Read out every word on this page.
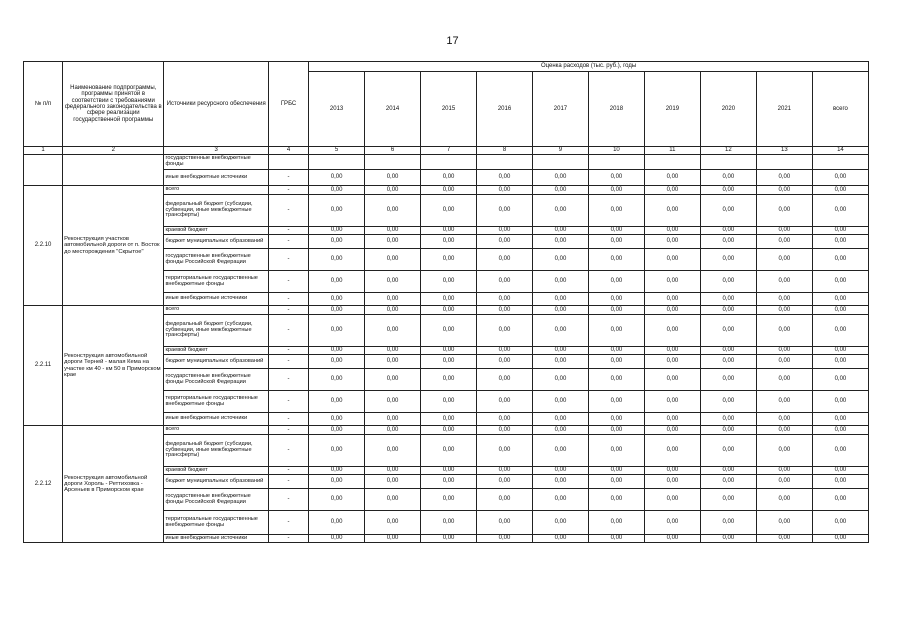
17
№ п/п	Наименование подпрограммы, программы принятой в соответствии с требованиями федерального законодательства в сфере реализации государственной программы	Источники ресурсного обеспечения	ГРБС	Оценка расходов (тыс. руб.), годы									
				2013	2014	2015	2016	2017	2018	2019	2020	2021	всего
1	2	3	4	5	6	7	8	9	10	11	12	13	14
		государственные внебюджетные фонды											
		иные внебюджетные источники	-	0,00	0,00	0,00	0,00	0,00	0,00	0,00	0,00	0,00	0,00
2.2.10	Реконструкция участков автомобильной дороги от п. Восток до месторождения "Скрытое"	всего	-	0,00	0,00	0,00	0,00	0,00	0,00	0,00	0,00	0,00	0,00
		федеральный бюджет (субсидии, субвенции, иные межбюджетные трансферты)	-	0,00	0,00	0,00	0,00	0,00	0,00	0,00	0,00	0,00	0,00
		краевой бюджет	-	0,00	0,00	0,00	0,00	0,00	0,00	0,00	0,00	0,00	0,00
		бюджет муниципальных образований	-	0,00	0,00	0,00	0,00	0,00	0,00	0,00	0,00	0,00	0,00
		государственные внебюджетные фонды Российской Федерации	-	0,00	0,00	0,00	0,00	0,00	0,00	0,00	0,00	0,00	0,00
		территориальные государственные внебюджетные фонды	-	0,00	0,00	0,00	0,00	0,00	0,00	0,00	0,00	0,00	0,00
		иные внебюджетные источники	-	0,00	0,00	0,00	0,00	0,00	0,00	0,00	0,00	0,00	0,00
2.2.11	Реконструкция автомобильной дороги Терней - малая Кема на участке км 40 - км 50 в Приморском крае	всего	-	0,00	0,00	0,00	0,00	0,00	0,00	0,00	0,00	0,00	0,00
		федеральный бюджет (субсидии, субвенции, иные межбюджетные трансферты)	-	0,00	0,00	0,00	0,00	0,00	0,00	0,00	0,00	0,00	0,00
		краевой бюджет	-	0,00	0,00	0,00	0,00	0,00	0,00	0,00	0,00	0,00	0,00
		бюджет муниципальных образований	-	0,00	0,00	0,00	0,00	0,00	0,00	0,00	0,00	0,00	0,00
		государственные внебюджетные фонды Российской Федерации	-	0,00	0,00	0,00	0,00	0,00	0,00	0,00	0,00	0,00	0,00
		территориальные государственные внебюджетные фонды	-	0,00	0,00	0,00	0,00	0,00	0,00	0,00	0,00	0,00	0,00
		иные внебюджетные источники	-	0,00	0,00	0,00	0,00	0,00	0,00	0,00	0,00	0,00	0,00
2.2.12	Реконструкция автомобильной дороги Хороль - Реттиховка - Арсеньев в Приморском крае	всего	-	0,00	0,00	0,00	0,00	0,00	0,00	0,00	0,00	0,00	0,00
		федеральный бюджет (субсидии, субвенции, иные межбюджетные трансферты)	-	0,00	0,00	0,00	0,00	0,00	0,00	0,00	0,00	0,00	0,00
		краевой бюджет	-	0,00	0,00	0,00	0,00	0,00	0,00	0,00	0,00	0,00	0,00
		бюджет муниципальных образований	-	0,00	0,00	0,00	0,00	0,00	0,00	0,00	0,00	0,00	0,00
		государственные внебюджетные фонды Российской Федерации	-	0,00	0,00	0,00	0,00	0,00	0,00	0,00	0,00	0,00	0,00
		территориальные государственные внебюджетные фонды	-	0,00	0,00	0,00	0,00	0,00	0,00	0,00	0,00	0,00	0,00
		иные внебюджетные источники	-	0,00	0,00	0,00	0,00	0,00	0,00	0,00	0,00	0,00	0,00
